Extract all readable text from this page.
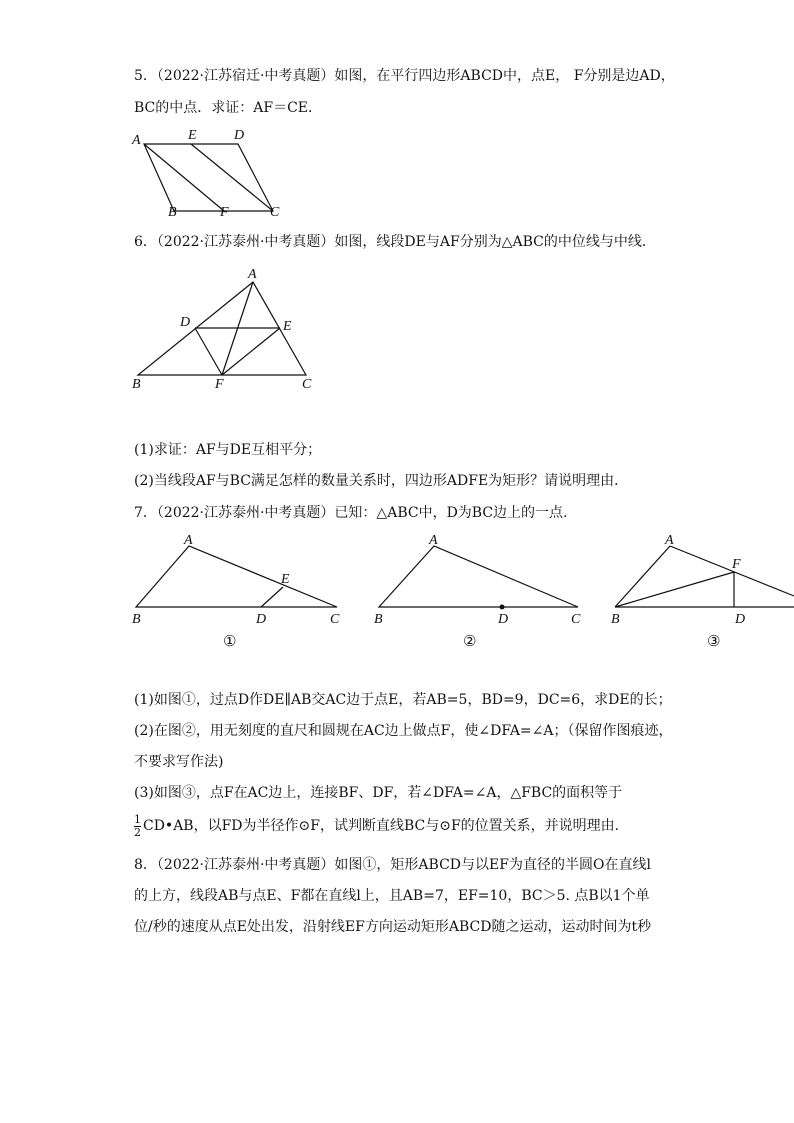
5．（2022·江苏宿迁·中考真题）如图，在平行四边形ABCD中，点E， F分别是边AD，
BC的中点．求证：AF＝CE．
A	E	D
B	F	C
6．（2022·江苏泰州·中考真题）如图，线段DE与AF分别为△ABC的中位线与中线．
A
D	E
B	F	C
(1)求证：AF与DE互相平分；
(2)当线段AF与BC满足怎样的数量关系时，四边形ADFE为矩形？请说明理由．
7．（2022·江苏泰州·中考真题）已知：△ABC中，D为BC边上的一点.
A
E
B	D	C
①
A
B	D	C
②
A
F
B	D
③
(1)如图①，过点D作DE∥AB交AC边于点E，若AB=5，BD=9，DC=6，求DE的长；
(2)在图②，用无刻度的直尺和圆规在AC边上做点F，使∠DFA=∠A；（保留作图痕迹，
不要求写作法)
(3)如图③，点F在AC边上，连接BF、DF，若∠DFA=∠A，△FBC的面积等于
$\frac{1}{2}$ CD•AB，以FD为半径作⊙F，试判断直线BC与⊙F的位置关系，并说明理由.
8．（2022·江苏泰州·中考真题）如图①，矩形ABCD与以EF为直径的半圆O在直线l
的上方，线段AB与点E、F都在直线l上，且AB=7，EF=10，BC＞5. 点B以1个单
位/秒的速度从点E处出发，沿射线EF方向运动矩形ABCD随之运动，运动时间为t秒
